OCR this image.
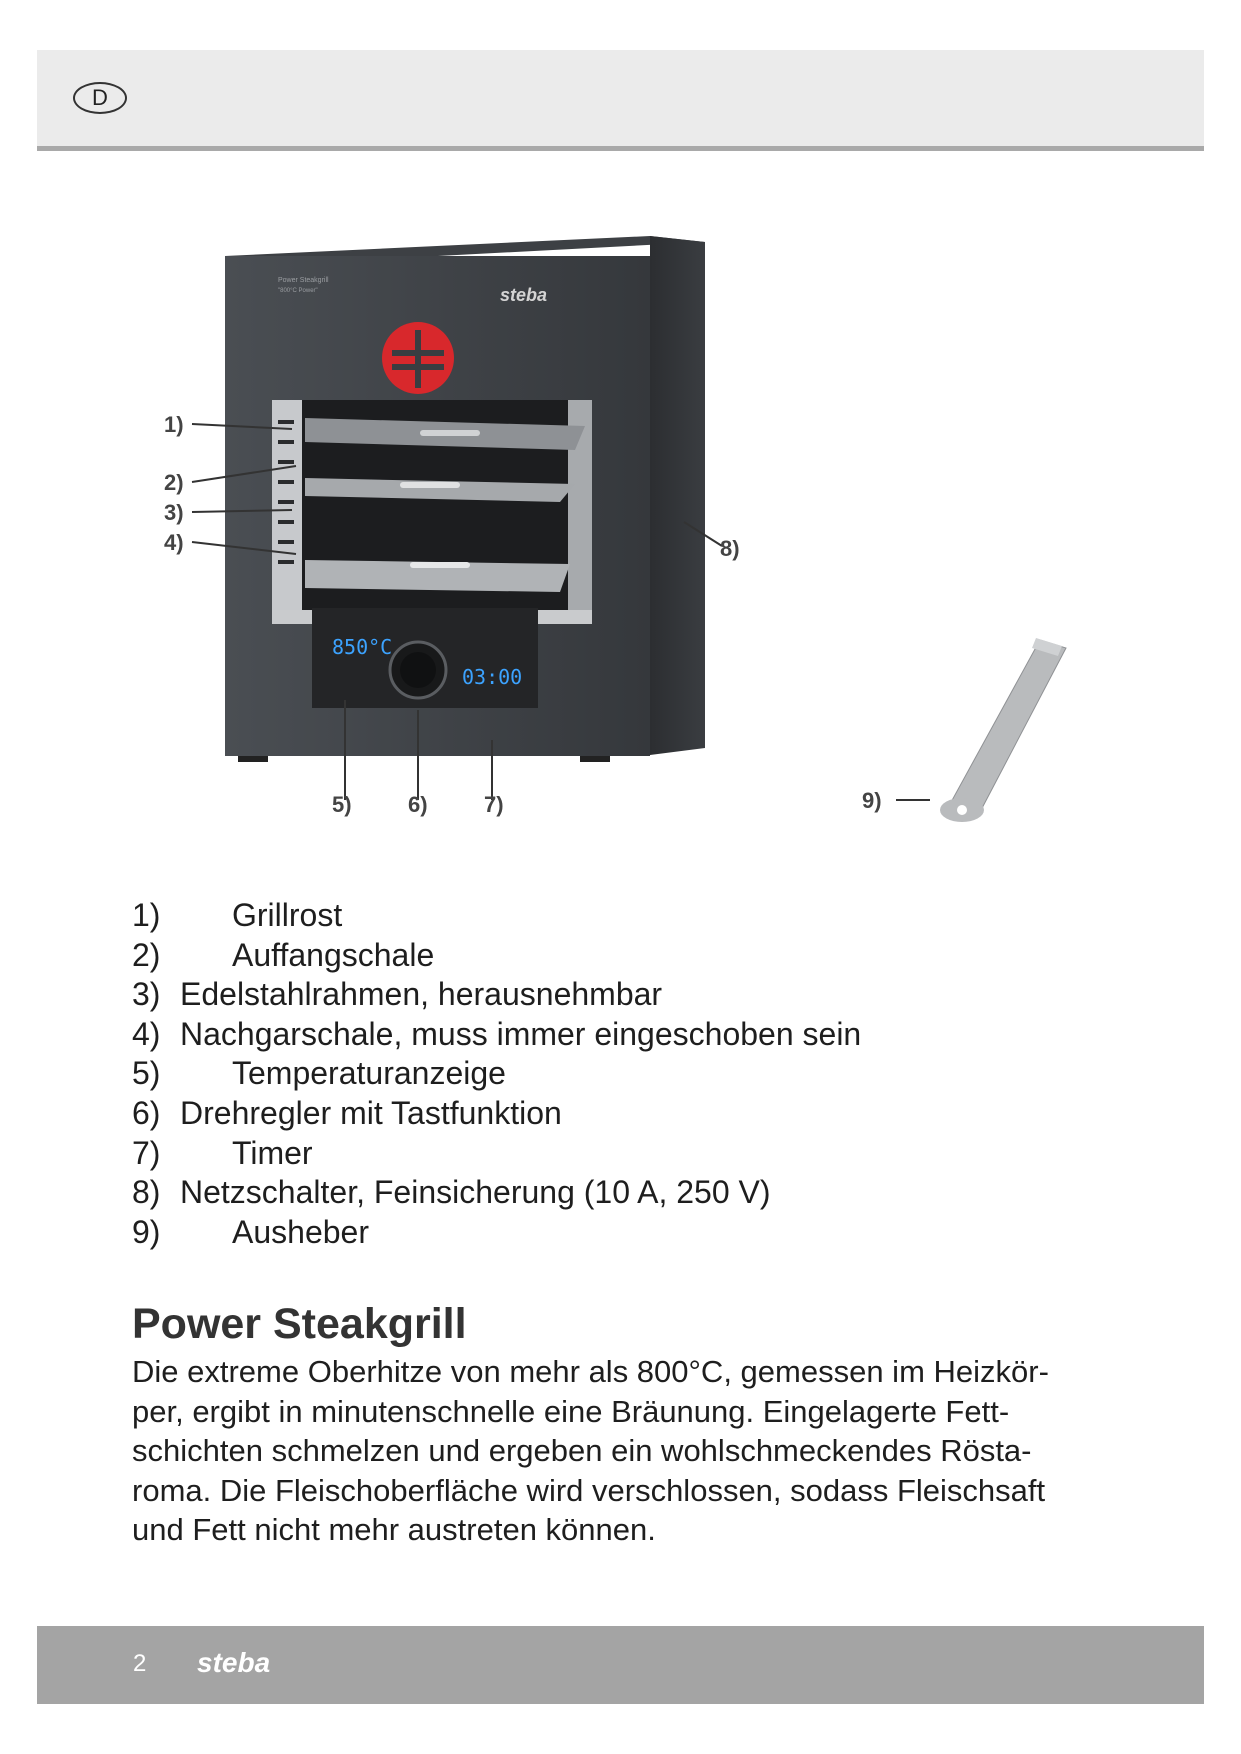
D
Power Steakgrill
"800°C Power"	steba
850°C
03:00
1)
2)
3)
4)
5)	6)	7)
8)
9)
1) Grillrost
2) Auffangschale
3) Edelstahlrahmen, herausnehmbar
4) Nachgarschale, muss immer eingeschoben sein
5) Temperaturanzeige
6) Drehregler mit Tastfunktion
7) Timer
8) Netzschalter, Feinsicherung (10 A, 250 V)
9) Ausheber
Power Steakgrill

Die extreme Oberhitze von mehr als 800°C, gemessen im Heizkör-
per, ergibt in minutenschnelle eine Bräunung. Eingelagerte Fett-
schichten schmelzen und ergeben ein wohlschmeckendes Rösta-
roma. Die Fleischoberfläche wird verschlossen, sodass Fleischsaft
und Fett nicht mehr austreten können.

2 steba
